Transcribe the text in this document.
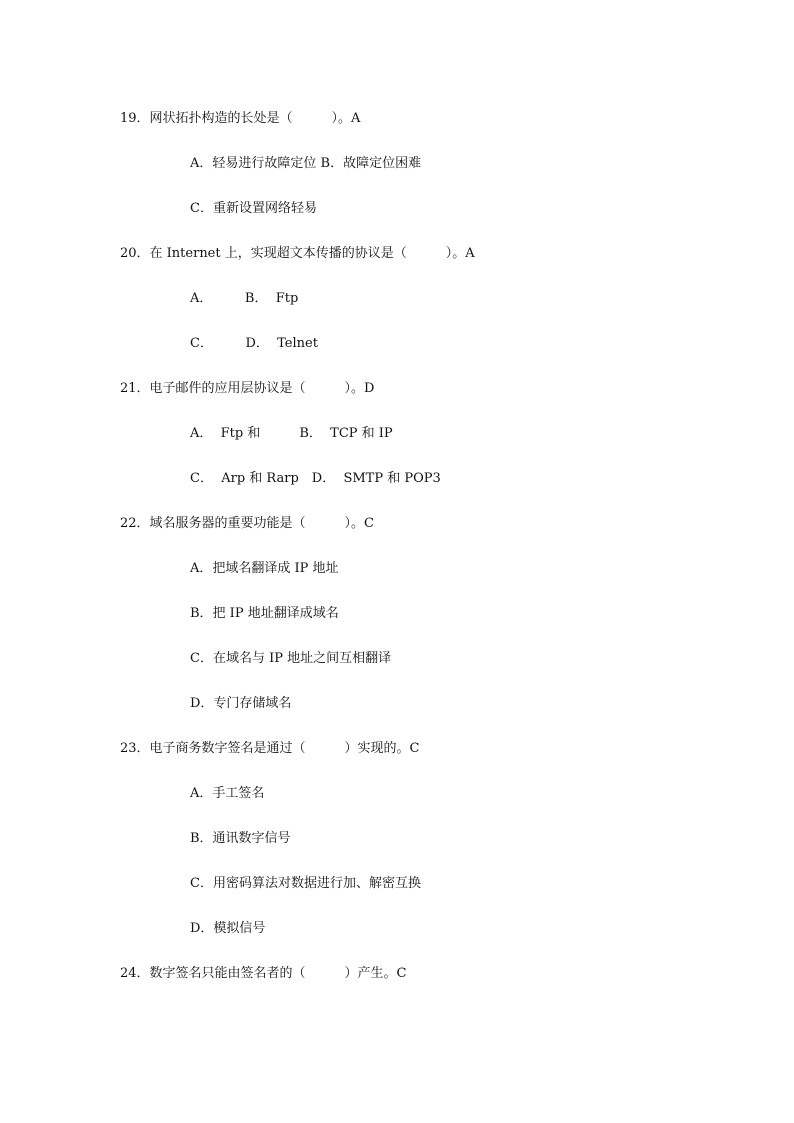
19．网状拓扑构造的长处是（　　　）。A
A．轻易进行故障定位 B．故障定位困难
C．重新设置网络轻易
20．在 Internet 上，实现超文本传播的协议是（　　　）。A
A．　　　B．  Ftp
C．　　　D．  Telnet
21．电子邮件的应用层协议是（　　　）。D
A．  Ftp 和　　　B．  TCP 和 IP
C．  Arp 和 Rarp　D．  SMTP 和 POP3
22．域名服务器的重要功能是（　　　）。C
A．把域名翻译成 IP 地址
B．把 IP 地址翻译成域名
C．在域名与 IP 地址之间互相翻译
D．专门存储域名
23．电子商务数字签名是通过（　　　）实现的。C
A．手工签名
B．通讯数字信号
C．用密码算法对数据进行加、解密互换
D．模拟信号
24．数字签名只能由签名者的（　　　）产生。C
